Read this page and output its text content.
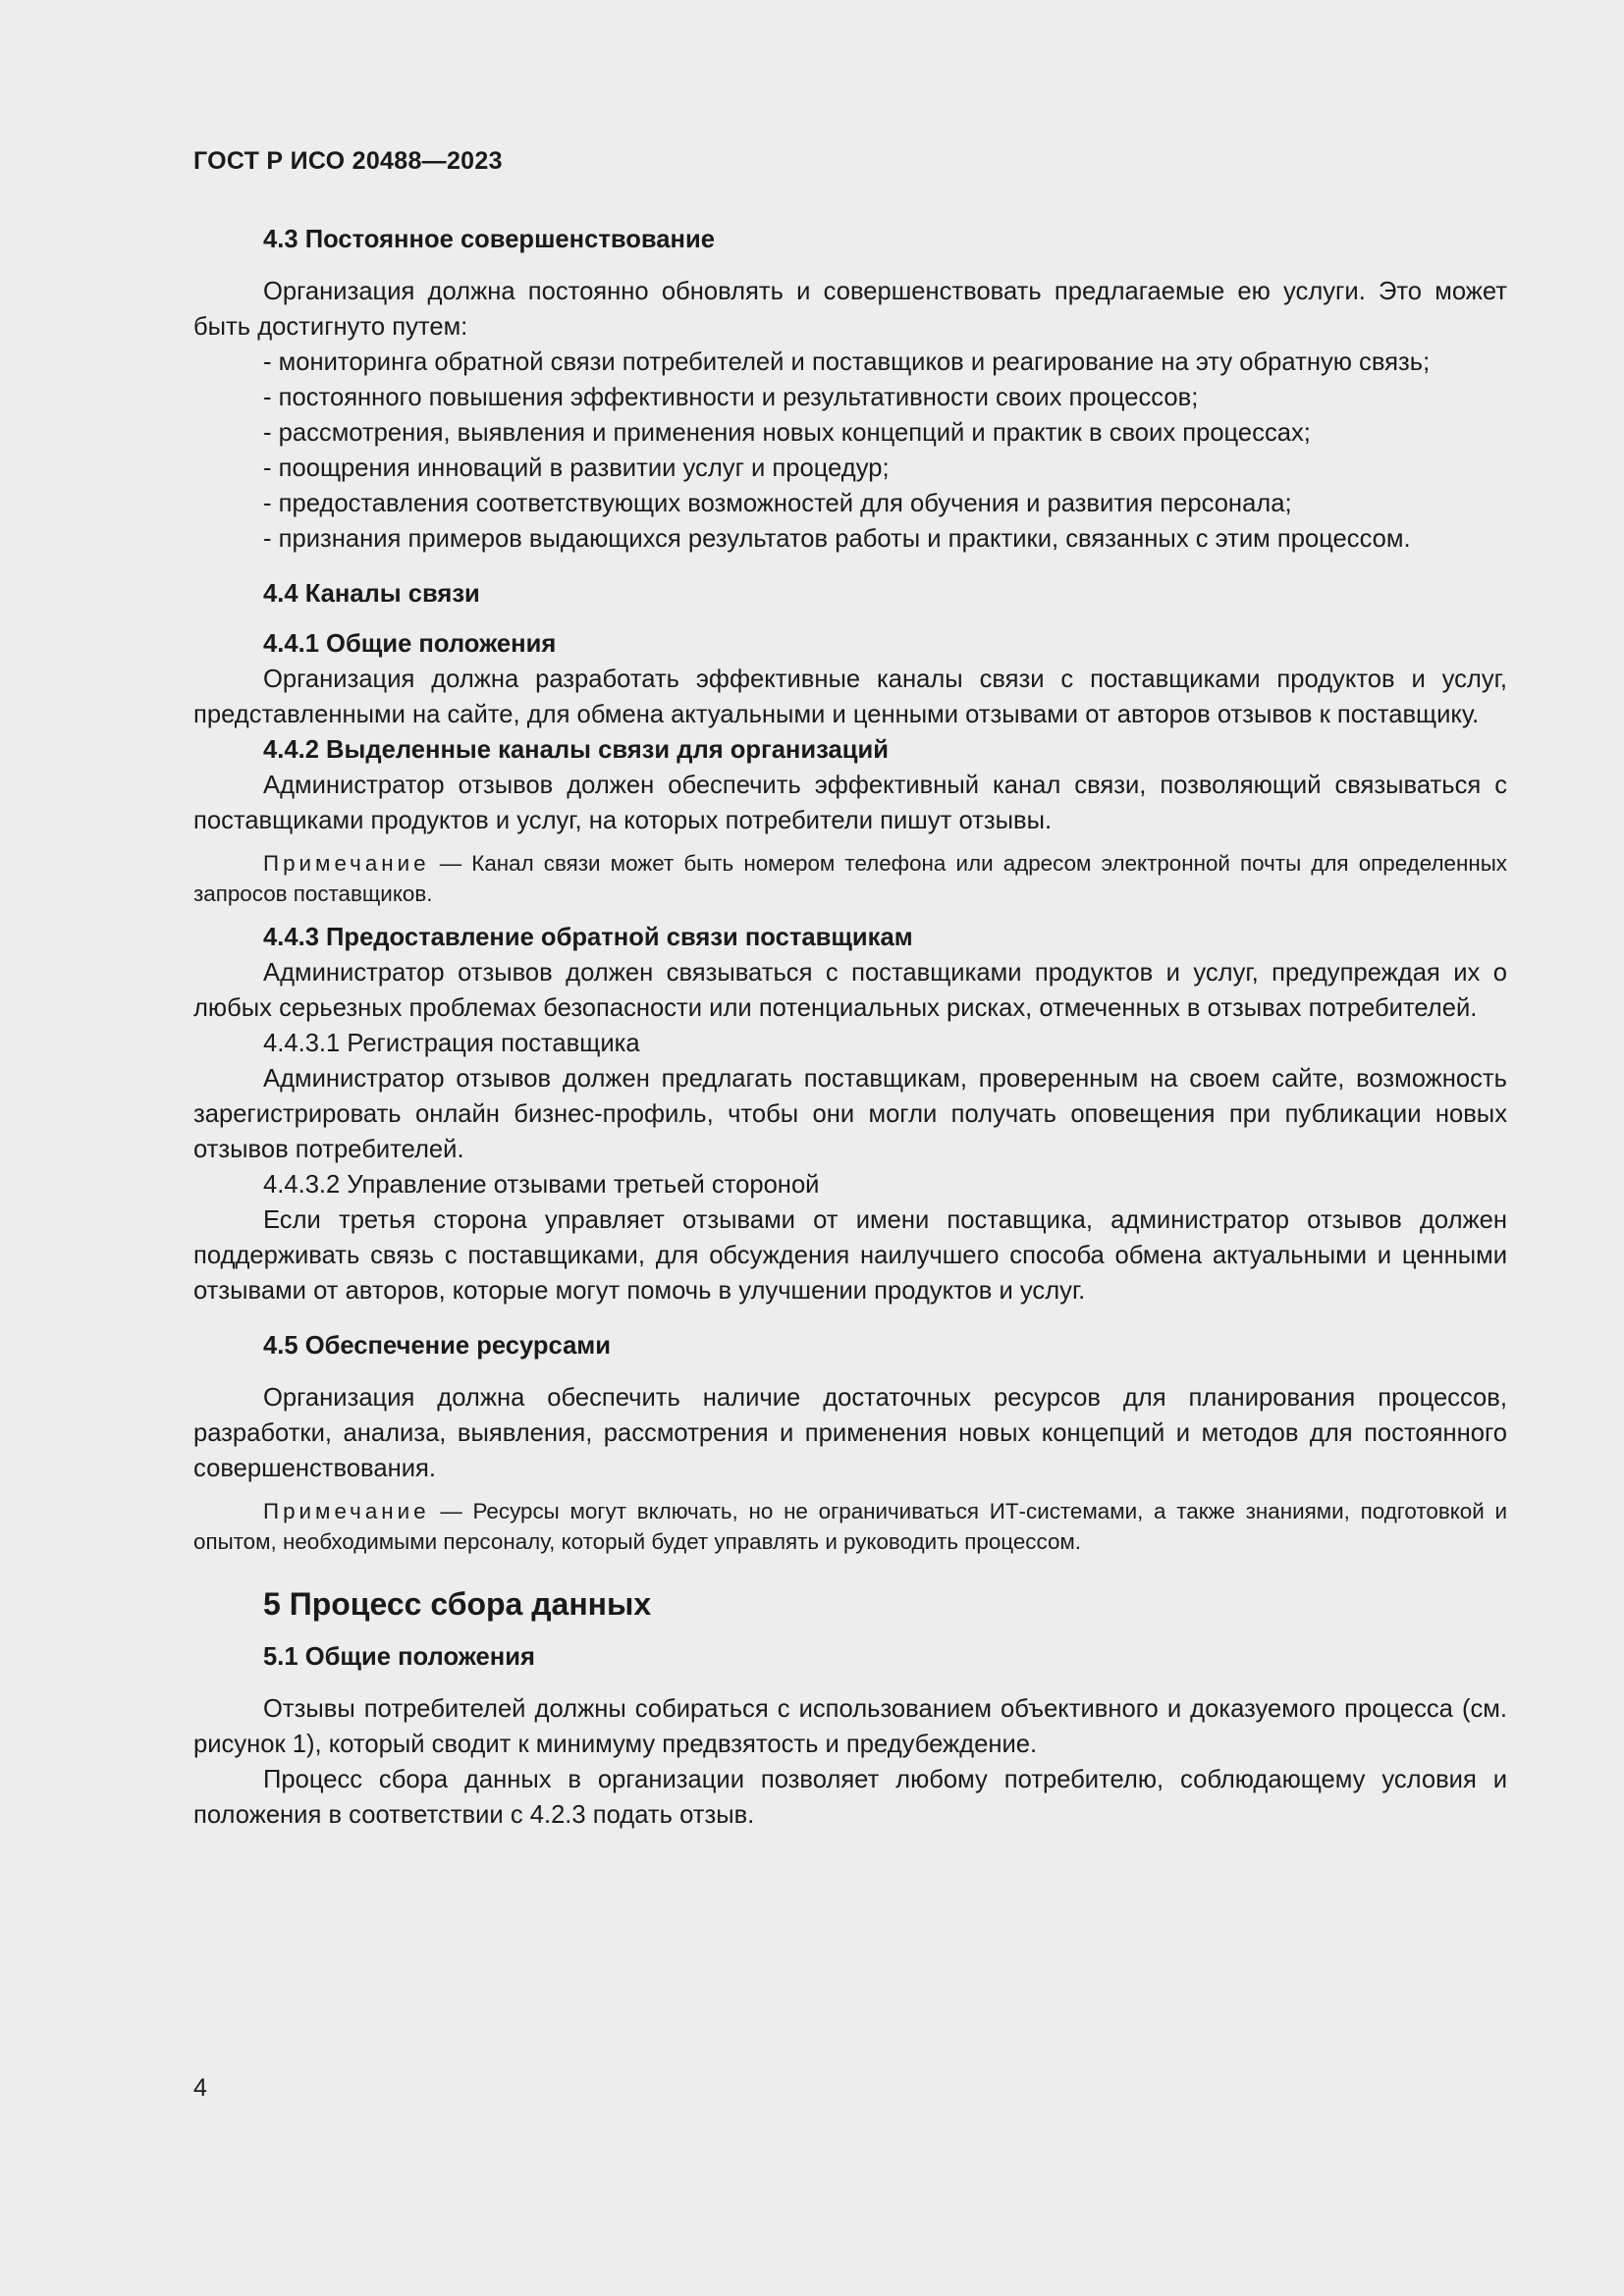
ГОСТ Р ИСО 20488—2023

4.3 Постоянное совершенствование

Организация должна постоянно обновлять и совершенствовать предлагаемые ею услуги. Это может быть достигнуто путем:

- мониторинга обратной связи потребителей и поставщиков и реагирование на эту обратную связь;

- постоянного повышения эффективности и результативности своих процессов;

- рассмотрения, выявления и применения новых концепций и практик в своих процессах;

- поощрения инноваций в развитии услуг и процедур;

- предоставления соответствующих возможностей для обучения и развития персонала;

- признания примеров выдающихся результатов работы и практики, связанных с этим процессом.

4.4 Каналы связи

4.4.1 Общие положения

Организация должна разработать эффективные каналы связи с поставщиками продуктов и услуг, представленными на сайте, для обмена актуальными и ценными отзывами от авторов отзывов к поставщику.

4.4.2 Выделенные каналы связи для организаций

Администратор отзывов должен обеспечить эффективный канал связи, позволяющий связываться с поставщиками продуктов и услуг, на которых потребители пишут отзывы.

Примечание — Канал связи может быть номером телефона или адресом электронной почты для определенных запросов поставщиков.

4.4.3 Предоставление обратной связи поставщикам

Администратор отзывов должен связываться с поставщиками продуктов и услуг, предупреждая их о любых серьезных проблемах безопасности или потенциальных рисках, отмеченных в отзывах потребителей.

4.4.3.1 Регистрация поставщика

Администратор отзывов должен предлагать поставщикам, проверенным на своем сайте, возможность зарегистрировать онлайн бизнес-профиль, чтобы они могли получать оповещения при публикации новых отзывов потребителей.

4.4.3.2 Управление отзывами третьей стороной

Если третья сторона управляет отзывами от имени поставщика, администратор отзывов должен поддерживать связь с поставщиками, для обсуждения наилучшего способа обмена актуальными и ценными отзывами от авторов, которые могут помочь в улучшении продуктов и услуг.

4.5 Обеспечение ресурсами

Организация должна обеспечить наличие достаточных ресурсов для планирования процессов, разработки, анализа, выявления, рассмотрения и применения новых концепций и методов для постоянного совершенствования.

Примечание — Ресурсы могут включать, но не ограничиваться ИТ-системами, а также знаниями, подготовкой и опытом, необходимыми персоналу, который будет управлять и руководить процессом.

5 Процесс сбора данных

5.1 Общие положения

Отзывы потребителей должны собираться с использованием объективного и доказуемого процесса (см. рисунок 1), который сводит к минимуму предвзятость и предубеждение.

Процесс сбора данных в организации позволяет любому потребителю, соблюдающему условия и положения в соответствии с 4.2.3 подать отзыв.

4
